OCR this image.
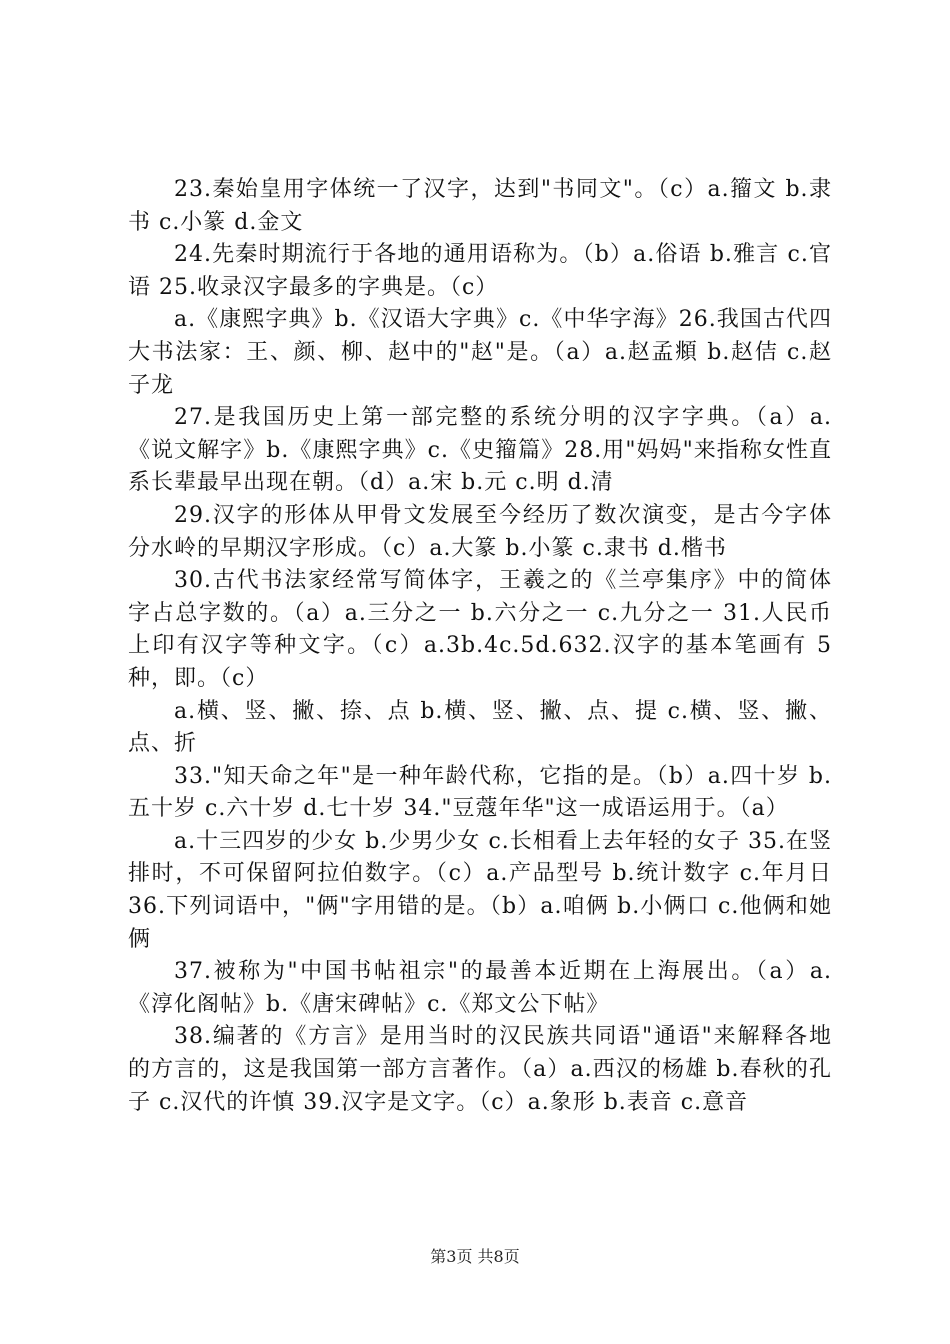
23.秦始皇用字体统一了汉字，达到"书同文"。（c）a.籀文 b.隶书 c.小篆 d.金文

24.先秦时期流行于各地的通用语称为。（b）a.俗语 b.雅言 c.官语 25.收录汉字最多的字典是。（c）

a.《康熙字典》b.《汉语大字典》c.《中华字海》26.我国古代四大书法家：王、颜、柳、赵中的"赵"是。（a）a.赵孟頫 b.赵佶 c.赵子龙

27.是我国历史上第一部完整的系统分明的汉字字典。（a）a.《说文解字》b.《康熙字典》c.《史籀篇》28.用"妈妈"来指称女性直系长辈最早出现在朝。（d）a.宋 b.元 c.明 d.清

29.汉字的形体从甲骨文发展至今经历了数次演变，是古今字体分水岭的早期汉字形成。（c）a.大篆 b.小篆 c.隶书 d.楷书

30.古代书法家经常写简体字，王羲之的《兰亭集序》中的简体字占总字数的。（a）a.三分之一 b.六分之一 c.九分之一 31.人民币上印有汉字等种文字。（c）a.3b.4c.5d.632.汉字的基本笔画有 5 种，即。（c）

a.横、竖、撇、捺、点 b.横、竖、撇、点、提 c.横、竖、撇、点、折

33."知天命之年"是一种年龄代称，它指的是。（b）a.四十岁 b.五十岁 c.六十岁 d.七十岁 34."豆蔻年华"这一成语运用于。（a）

a.十三四岁的少女 b.少男少女 c.长相看上去年轻的女子 35.在竖排时，不可保留阿拉伯数字。（c）a.产品型号 b.统计数字 c.年月日 36.下列词语中，"俩"字用错的是。（b）a.咱俩 b.小俩口 c.他俩和她俩

37.被称为"中国书帖祖宗"的最善本近期在上海展出。（a）a.《淳化阁帖》b.《唐宋碑帖》c.《郑文公下帖》

38.编著的《方言》是用当时的汉民族共同语"通语"来解释各地的方言的，这是我国第一部方言著作。（a）a.西汉的杨雄 b.春秋的孔子 c.汉代的许慎 39.汉字是文字。（c）a.象形 b.表音 c.意音

第3页 共8页
